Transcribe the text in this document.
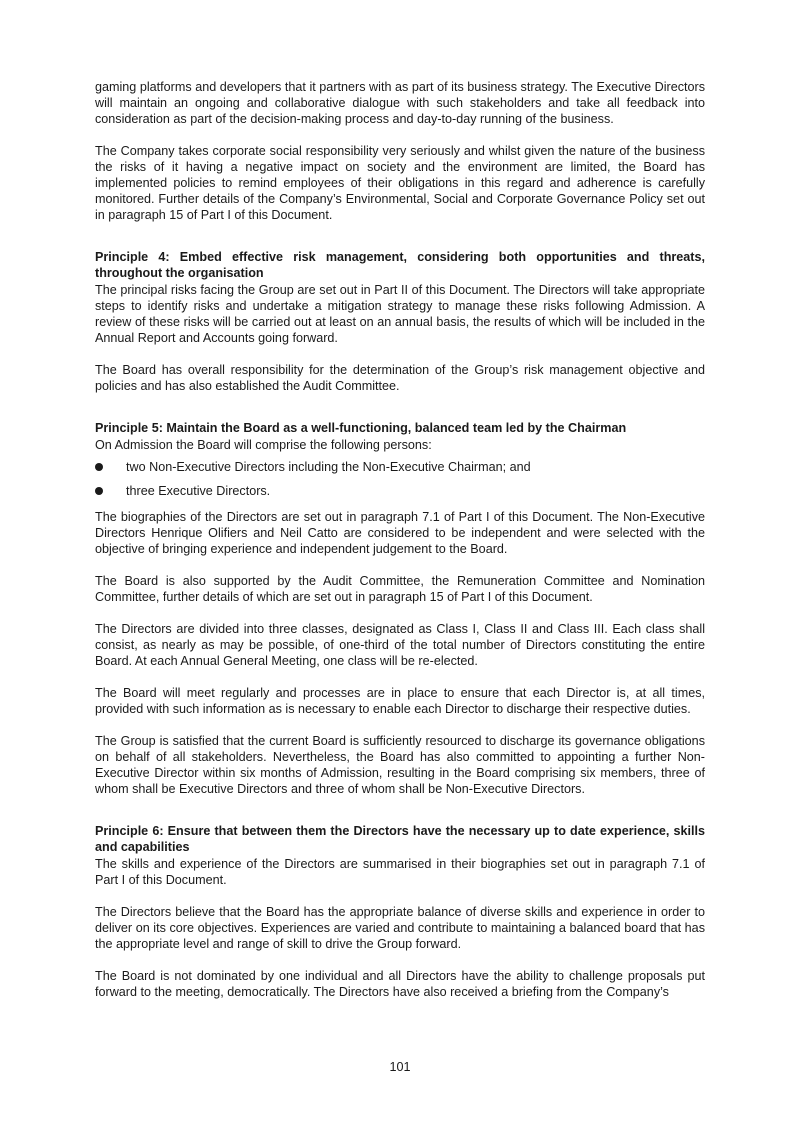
gaming platforms and developers that it partners with as part of its business strategy. The Executive Directors will maintain an ongoing and collaborative dialogue with such stakeholders and take all feedback into consideration as part of the decision-making process and day-to-day running of the business.

The Company takes corporate social responsibility very seriously and whilst given the nature of the business the risks of it having a negative impact on society and the environment are limited, the Board has implemented policies to remind employees of their obligations in this regard and adherence is carefully monitored. Further details of the Company’s Environmental, Social and Corporate Governance Policy set out in paragraph 15 of Part I of this Document.

Principle 4: Embed effective risk management, considering both opportunities and threats, throughout the organisation

The principal risks facing the Group are set out in Part II of this Document. The Directors will take appropriate steps to identify risks and undertake a mitigation strategy to manage these risks following Admission. A review of these risks will be carried out at least on an annual basis, the results of which will be included in the Annual Report and Accounts going forward.

The Board has overall responsibility for the determination of the Group’s risk management objective and policies and has also established the Audit Committee.

Principle 5: Maintain the Board as a well-functioning, balanced team led by the Chairman

On Admission the Board will comprise the following persons:

two Non-Executive Directors including the Non-Executive Chairman; and
three Executive Directors.

The biographies of the Directors are set out in paragraph 7.1 of Part I of this Document. The Non-Executive Directors Henrique Olifiers and Neil Catto are considered to be independent and were selected with the objective of bringing experience and independent judgement to the Board.

The Board is also supported by the Audit Committee, the Remuneration Committee and Nomination Committee, further details of which are set out in paragraph 15 of Part I of this Document.

The Directors are divided into three classes, designated as Class I, Class II and Class III. Each class shall consist, as nearly as may be possible, of one-third of the total number of Directors constituting the entire Board. At each Annual General Meeting, one class will be re-elected.

The Board will meet regularly and processes are in place to ensure that each Director is, at all times, provided with such information as is necessary to enable each Director to discharge their respective duties.

The Group is satisfied that the current Board is sufficiently resourced to discharge its governance obligations on behalf of all stakeholders. Nevertheless, the Board has also committed to appointing a further Non-Executive Director within six months of Admission, resulting in the Board comprising six members, three of whom shall be Executive Directors and three of whom shall be Non-Executive Directors.

Principle 6: Ensure that between them the Directors have the necessary up to date experience, skills and capabilities

The skills and experience of the Directors are summarised in their biographies set out in paragraph 7.1 of Part I of this Document.

The Directors believe that the Board has the appropriate balance of diverse skills and experience in order to deliver on its core objectives. Experiences are varied and contribute to maintaining a balanced board that has the appropriate level and range of skill to drive the Group forward.

The Board is not dominated by one individual and all Directors have the ability to challenge proposals put forward to the meeting, democratically. The Directors have also received a briefing from the Company’s

101
